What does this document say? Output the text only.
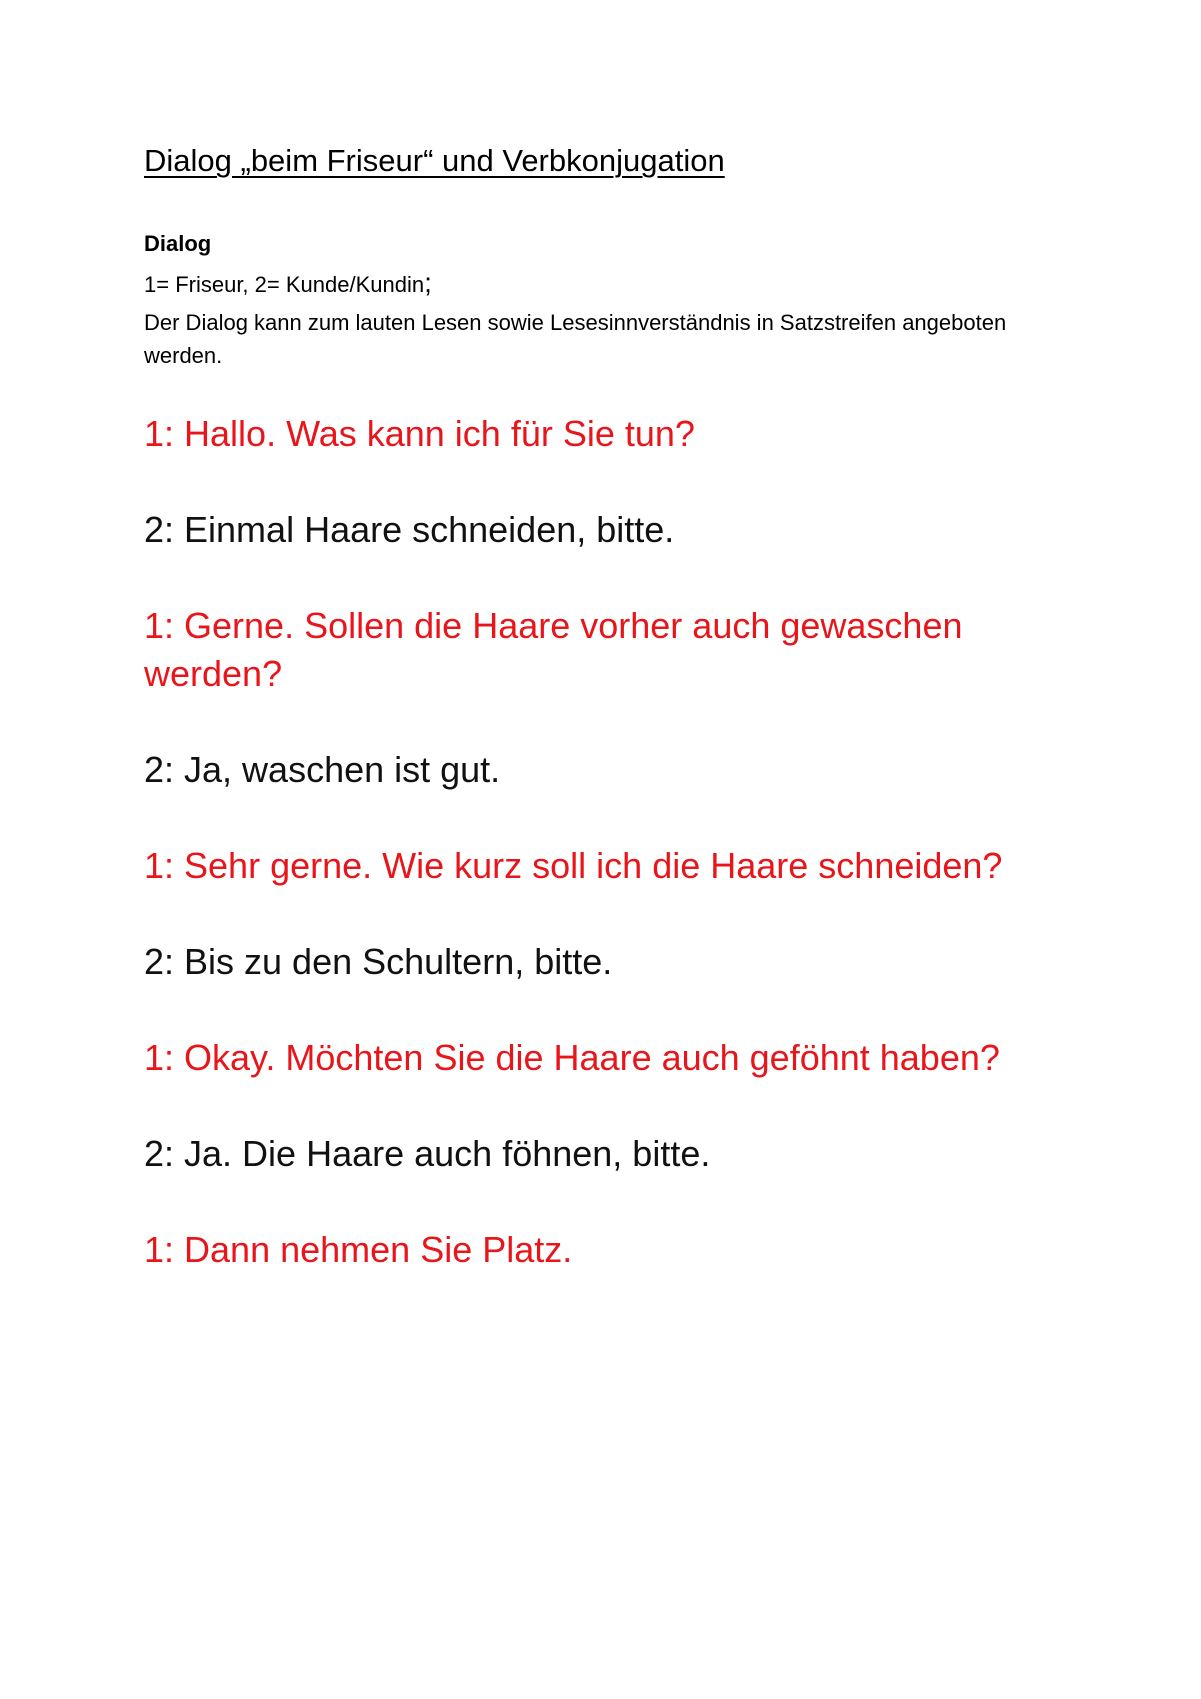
Dialog „beim Friseur“ und Verbkonjugation
Dialog
1= Friseur, 2= Kunde/Kundin;
Der Dialog kann zum lauten Lesen sowie Lesesinnverständnis in Satzstreifen angeboten werden.
1: Hallo. Was kann ich für Sie tun?
2: Einmal Haare schneiden, bitte.
1: Gerne. Sollen die Haare vorher auch gewaschen werden?
2: Ja, waschen ist gut.
1: Sehr gerne. Wie kurz soll ich die Haare schneiden?
2: Bis zu den Schultern, bitte.
1: Okay. Möchten Sie die Haare auch geföhnt haben?
2: Ja. Die Haare auch föhnen, bitte.
1: Dann nehmen Sie Platz.
